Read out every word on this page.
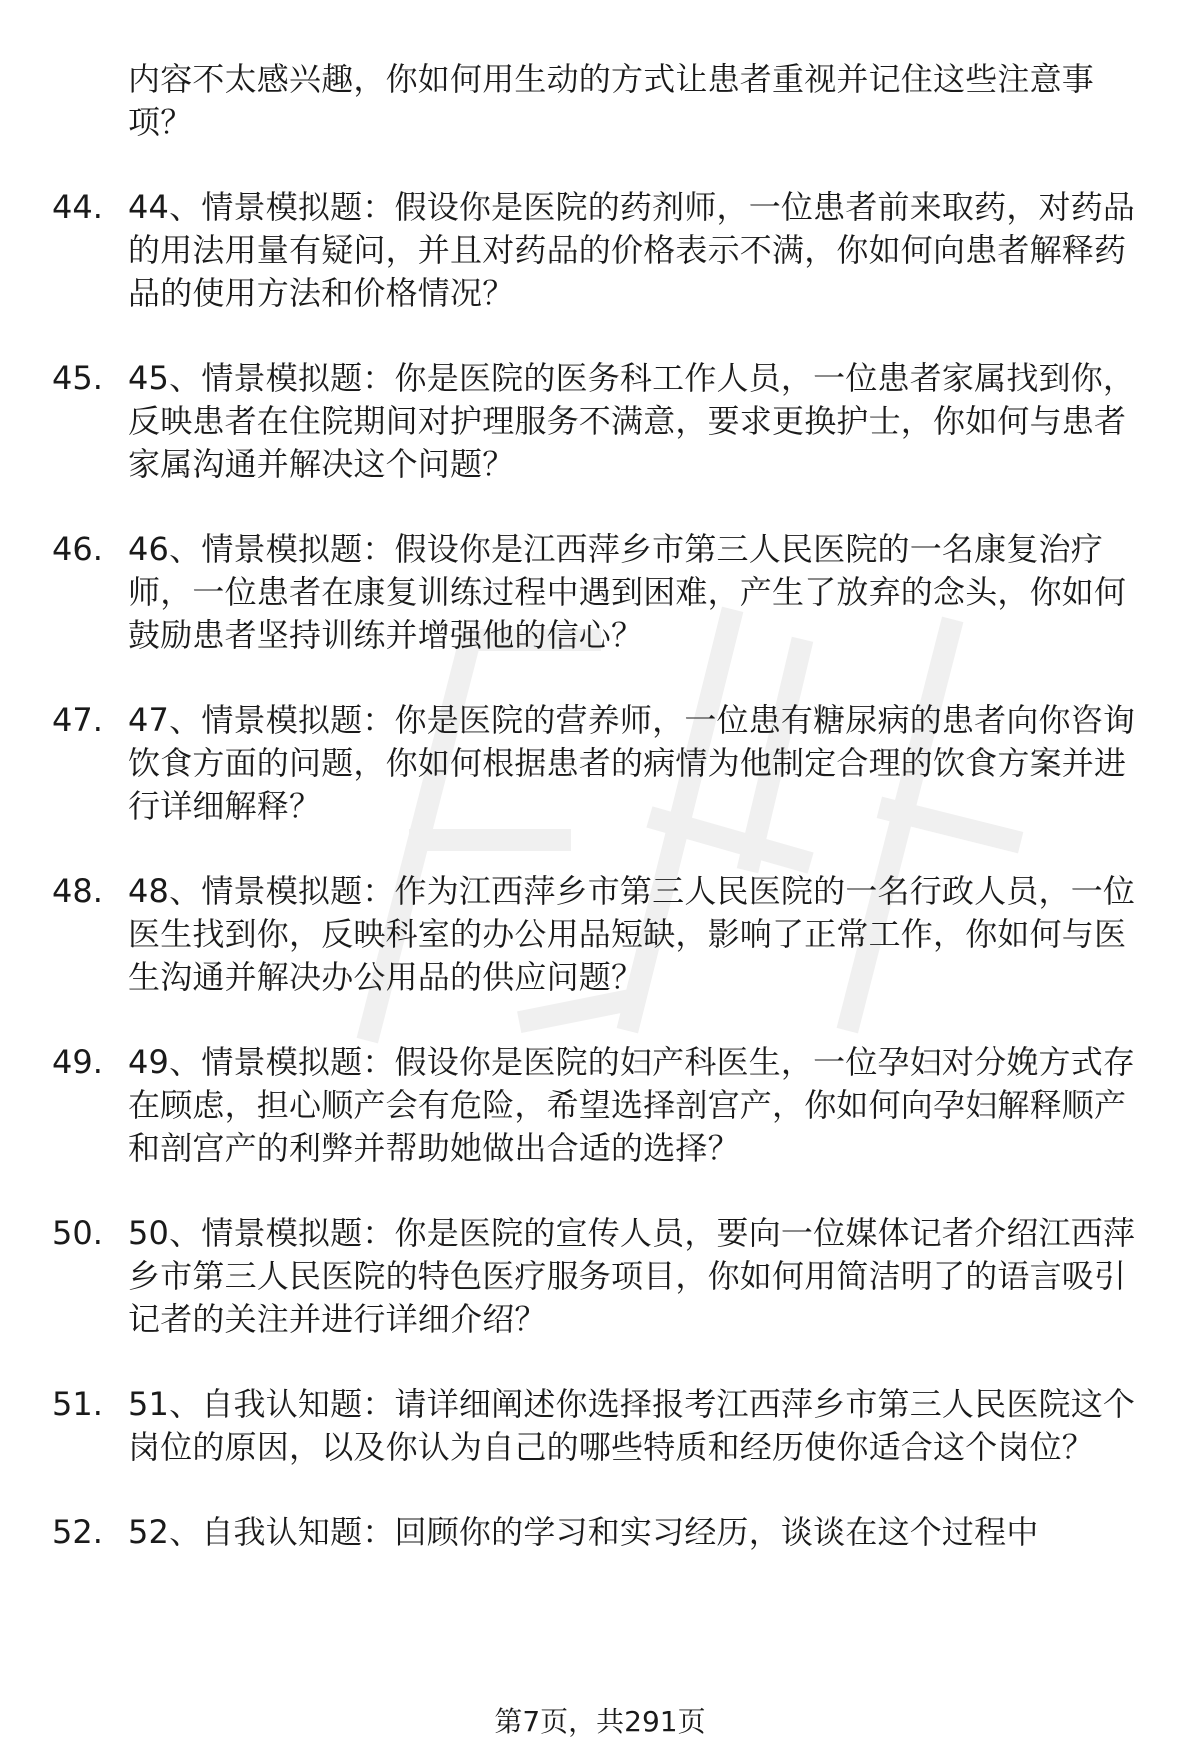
内容不太感兴趣，你如何用生动的方式让患者重视并记住这些注意事项？
44. 44、情景模拟题：假设你是医院的药剂师，一位患者前来取药，对药品的用法用量有疑问，并且对药品的价格表示不满，你如何向患者解释药品的使用方法和价格情况？
45. 45、情景模拟题：你是医院的医务科工作人员，一位患者家属找到你，反映患者在住院期间对护理服务不满意，要求更换护士，你如何与患者家属沟通并解决这个问题？
46. 46、情景模拟题：假设你是江西萍乡市第三人民医院的一名康复治疗师，一位患者在康复训练过程中遇到困难，产生了放弃的念头，你如何鼓励患者坚持训练并增强他的信心？
47. 47、情景模拟题：你是医院的营养师，一位患有糖尿病的患者向你咨询饮食方面的问题，你如何根据患者的病情为他制定合理的饮食方案并进行详细解释？
48. 48、情景模拟题：作为江西萍乡市第三人民医院的一名行政人员，一位医生找到你，反映科室的办公用品短缺，影响了正常工作，你如何与医生沟通并解决办公用品的供应问题？
49. 49、情景模拟题：假设你是医院的妇产科医生，一位孕妇对分娩方式存在顾虑，担心顺产会有危险，希望选择剖宫产，你如何向孕妇解释顺产和剖宫产的利弊并帮助她做出合适的选择？
50. 50、情景模拟题：你是医院的宣传人员，要向一位媒体记者介绍江西萍乡市第三人民医院的特色医疗服务项目，你如何用简洁明了的语言吸引记者的关注并进行详细介绍？
51. 51、自我认知题：请详细阐述你选择报考江西萍乡市第三人民医院这个岗位的原因，以及你认为自己的哪些特质和经历使你适合这个岗位？
52. 52、自我认知题：回顾你的学习和实习经历，谈谈在这个过程中
第7页，共291页
